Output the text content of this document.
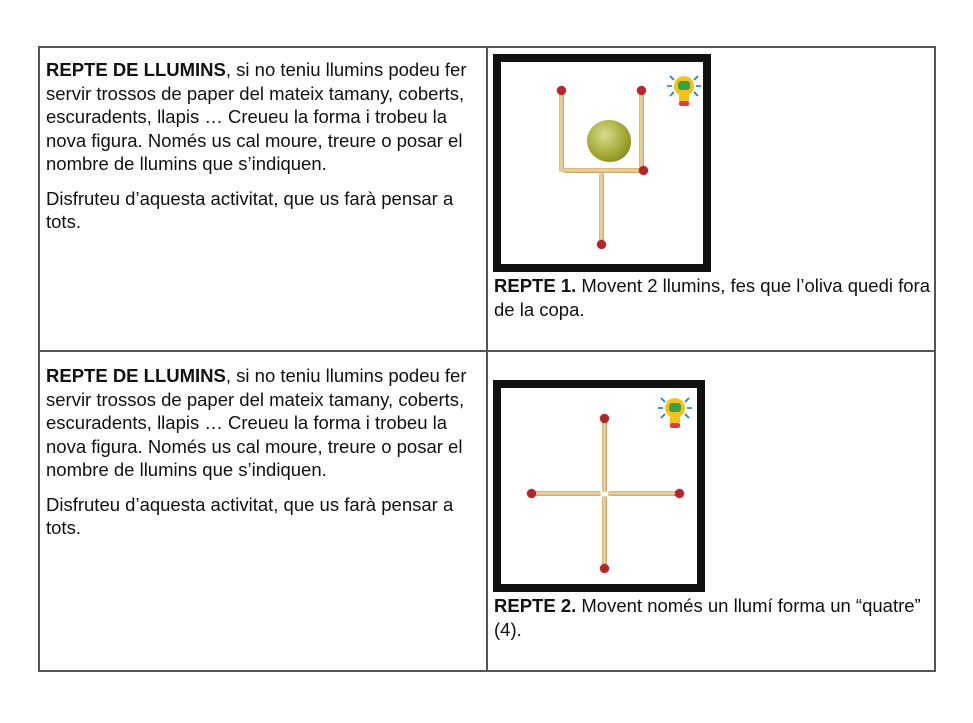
REPTE DE LLUMINS, si no teniu llumins podeu fer servir trossos de paper del mateix tamany, coberts, escuradents, llapis … Creueu la forma i trobeu la nova figura. Només us cal moure, treure o posar el nombre de llumins que s’indiquen.

Disfruteu d’aquesta activitat, que us farà pensar a tots.

REPTE 1. Movent 2 llumins, fes que l’oliva quedi fora de la copa.

REPTE DE LLUMINS, si no teniu llumins podeu fer servir trossos de paper del mateix tamany, coberts, escuradents, llapis … Creueu la forma i trobeu la nova figura. Només us cal moure, treure o posar el nombre de llumins que s’indiquen.

Disfruteu d’aquesta activitat, que us farà pensar a tots.

REPTE 2. Movent només un llumí forma un “quatre” (4).
